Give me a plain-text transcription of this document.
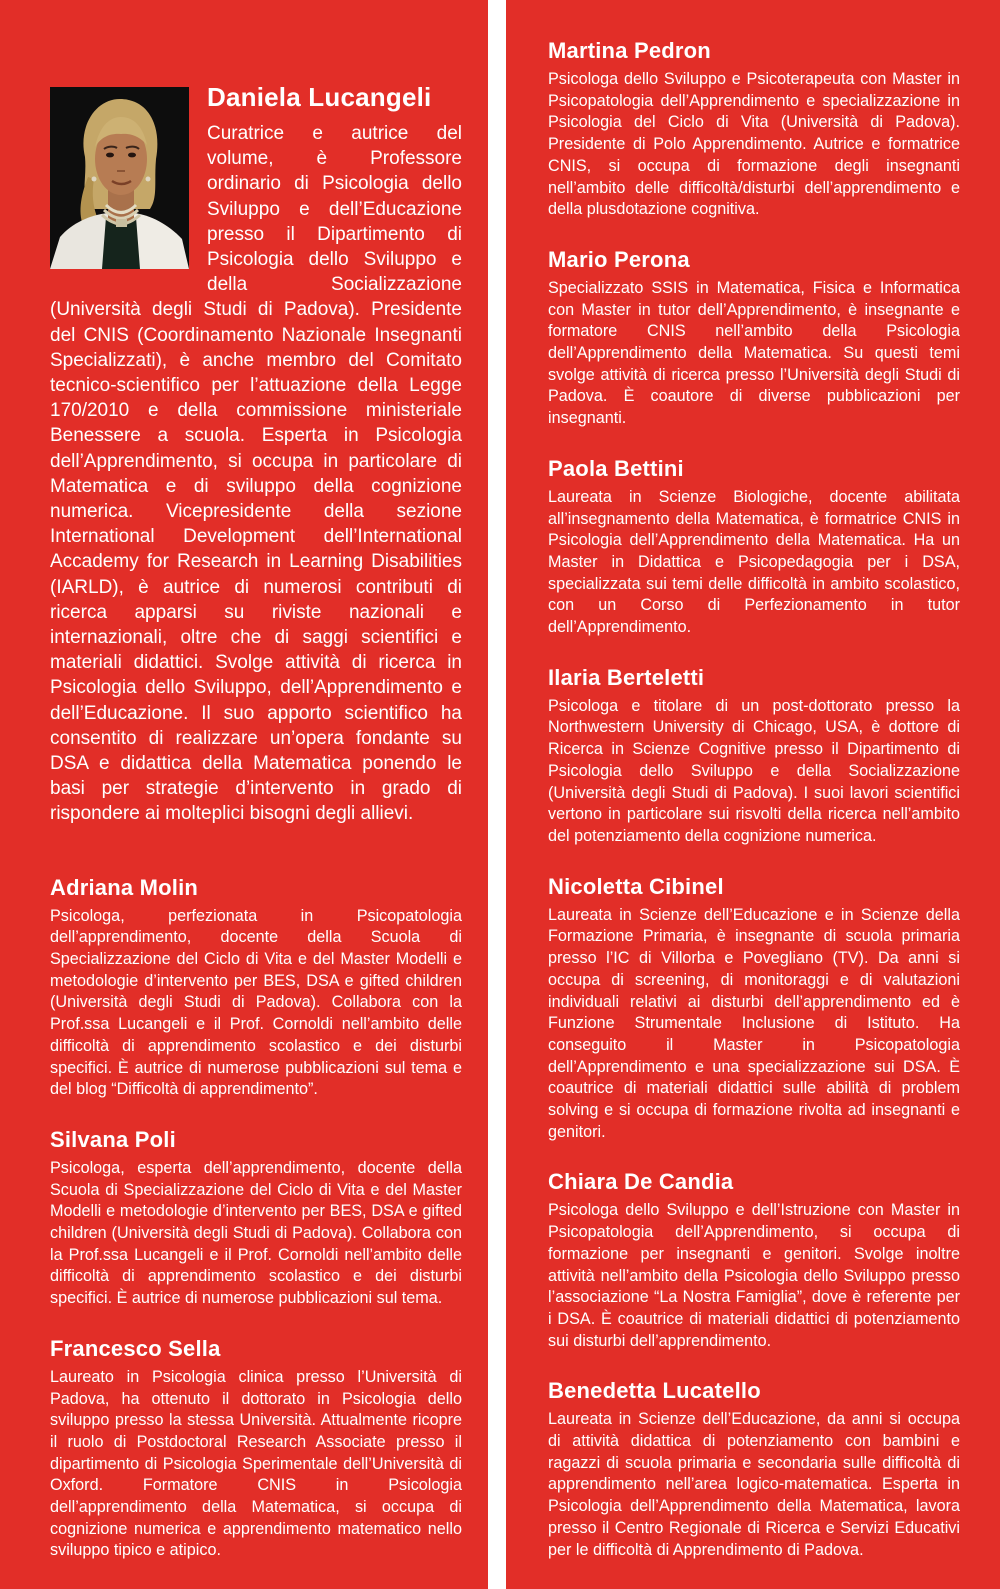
Daniela Lucangeli

Curatrice e autrice del volume, è Professore ordinario di Psicologia dello Sviluppo e dell’Educazione presso il Dipartimento di Psicologia dello Sviluppo e della Socializzazione (Università degli Studi di Padova). Presidente del CNIS (Coordinamento Nazionale Insegnanti Specializzati), è anche membro del Comitato tecnico-scientifico per l’attuazione della Legge 170/2010 e della commissione ministeriale Benessere a scuola. Esperta in Psicologia dell’Apprendimento, si occupa in particolare di Matematica e di sviluppo della cognizione numerica. Vicepresidente della sezione International Development dell’International Accademy for Research in Learning Disabilities (IARLD), è autrice di numerosi contributi di ricerca apparsi su riviste nazionali e internazionali, oltre che di saggi scientifici e materiali didattici. Svolge attività di ricerca in Psicologia dello Sviluppo, dell’Apprendimento e dell’Educazione. Il suo apporto scientifico ha consentito di realizzare un’opera fondante su DSA e didattica della Matematica ponendo le basi per strategie d’intervento in grado di rispondere ai molteplici bisogni degli allievi.

Adriana Molin

Psicologa, perfezionata in Psicopatologia dell’apprendimento, docente della Scuola di Specializzazione del Ciclo di Vita e del Master Modelli e metodologie d’intervento per BES, DSA e gifted children (Università degli Studi di Padova). Collabora con la Prof.ssa Lucangeli e il Prof. Cornoldi nell’ambito delle difficoltà di apprendimento scolastico e dei disturbi specifici. È autrice di numerose pubblicazioni sul tema e del blog “Difficoltà di apprendimento”.

Silvana Poli

Psicologa, esperta dell’apprendimento, docente della Scuola di Specializzazione del Ciclo di Vita e del Master Modelli e metodologie d’intervento per BES, DSA e gifted children (Università degli Studi di Padova). Collabora con la Prof.ssa Lucangeli e il Prof. Cornoldi nell’ambito delle difficoltà di apprendimento scolastico e dei disturbi specifici. È autrice di numerose pubblicazioni sul tema.

Francesco Sella

Laureato in Psicologia clinica presso l’Università di Padova, ha ottenuto il dottorato in Psicologia dello sviluppo presso la stessa Università. Attualmente ricopre il ruolo di Postdoctoral Research Associate presso il dipartimento di Psicologia Sperimentale dell’Università di Oxford. Formatore CNIS in Psicologia dell’apprendimento della Matematica, si occupa di cognizione numerica e apprendimento matematico nello sviluppo tipico e atipico.

Martina Pedron

Psicologa dello Sviluppo e Psicoterapeuta con Master in Psicopatologia dell’Apprendimento e specializzazione in Psicologia del Ciclo di Vita (Università di Padova). Presidente di Polo Apprendimento. Autrice e formatrice CNIS, si occupa di formazione degli insegnanti nell’ambito delle difficoltà/disturbi dell’apprendimento e della plusdotazione cognitiva.

Mario Perona

Specializzato SSIS in Matematica, Fisica e Informatica con Master in tutor dell’Apprendimento, è insegnante e formatore CNIS nell’ambito della Psicologia dell’Apprendimento della Matematica. Su questi temi svolge attività di ricerca presso l’Università degli Studi di Padova. È coautore di diverse pubblicazioni per insegnanti.

Paola Bettini

Laureata in Scienze Biologiche, docente abilitata all’insegnamento della Matematica, è formatrice CNIS in Psicologia dell’Apprendimento della Matematica. Ha un Master in Didattica e Psicopedagogia per i DSA, specializzata sui temi delle difficoltà in ambito scolastico, con un Corso di Perfezionamento in tutor dell’Apprendimento.

Ilaria Berteletti

Psicologa e titolare di un post-dottorato presso la Northwestern University di Chicago, USA, è dottore di Ricerca in Scienze Cognitive presso il Dipartimento di Psicologia dello Sviluppo e della Socializzazione (Università degli Studi di Padova). I suoi lavori scientifici vertono in particolare sui risvolti della ricerca nell’ambito del potenziamento della cognizione numerica.

Nicoletta Cibinel

Laureata in Scienze dell’Educazione e in Scienze della Formazione Primaria, è insegnante di scuola primaria presso l’IC di Villorba e Povegliano (TV). Da anni si occupa di screening, di monitoraggi e di valutazioni individuali relativi ai disturbi dell’apprendimento ed è Funzione Strumentale Inclusione di Istituto. Ha conseguito il Master in Psicopatologia dell’Apprendimento e una specializzazione sui DSA. È coautrice di materiali didattici sulle abilità di problem solving e si occupa di formazione rivolta ad insegnanti e genitori.

Chiara De Candia

Psicologa dello Sviluppo e dell’Istruzione con Master in Psicopatologia dell’Apprendimento, si occupa di formazione per insegnanti e genitori. Svolge inoltre attività nell’ambito della Psicologia dello Sviluppo presso l’associazione “La Nostra Famiglia”, dove è referente per i DSA. È coautrice di materiali didattici di potenziamento sui disturbi dell’apprendimento.

Benedetta Lucatello

Laureata in Scienze dell’Educazione, da anni si occupa di attività didattica di potenziamento con bambini e ragazzi di scuola primaria e secondaria sulle difficoltà di apprendimento nell’area logico-matematica. Esperta in Psicologia dell’Apprendimento della Matematica, lavora presso il Centro Regionale di Ricerca e Servizi Educativi per le difficoltà di Apprendimento di Padova.
